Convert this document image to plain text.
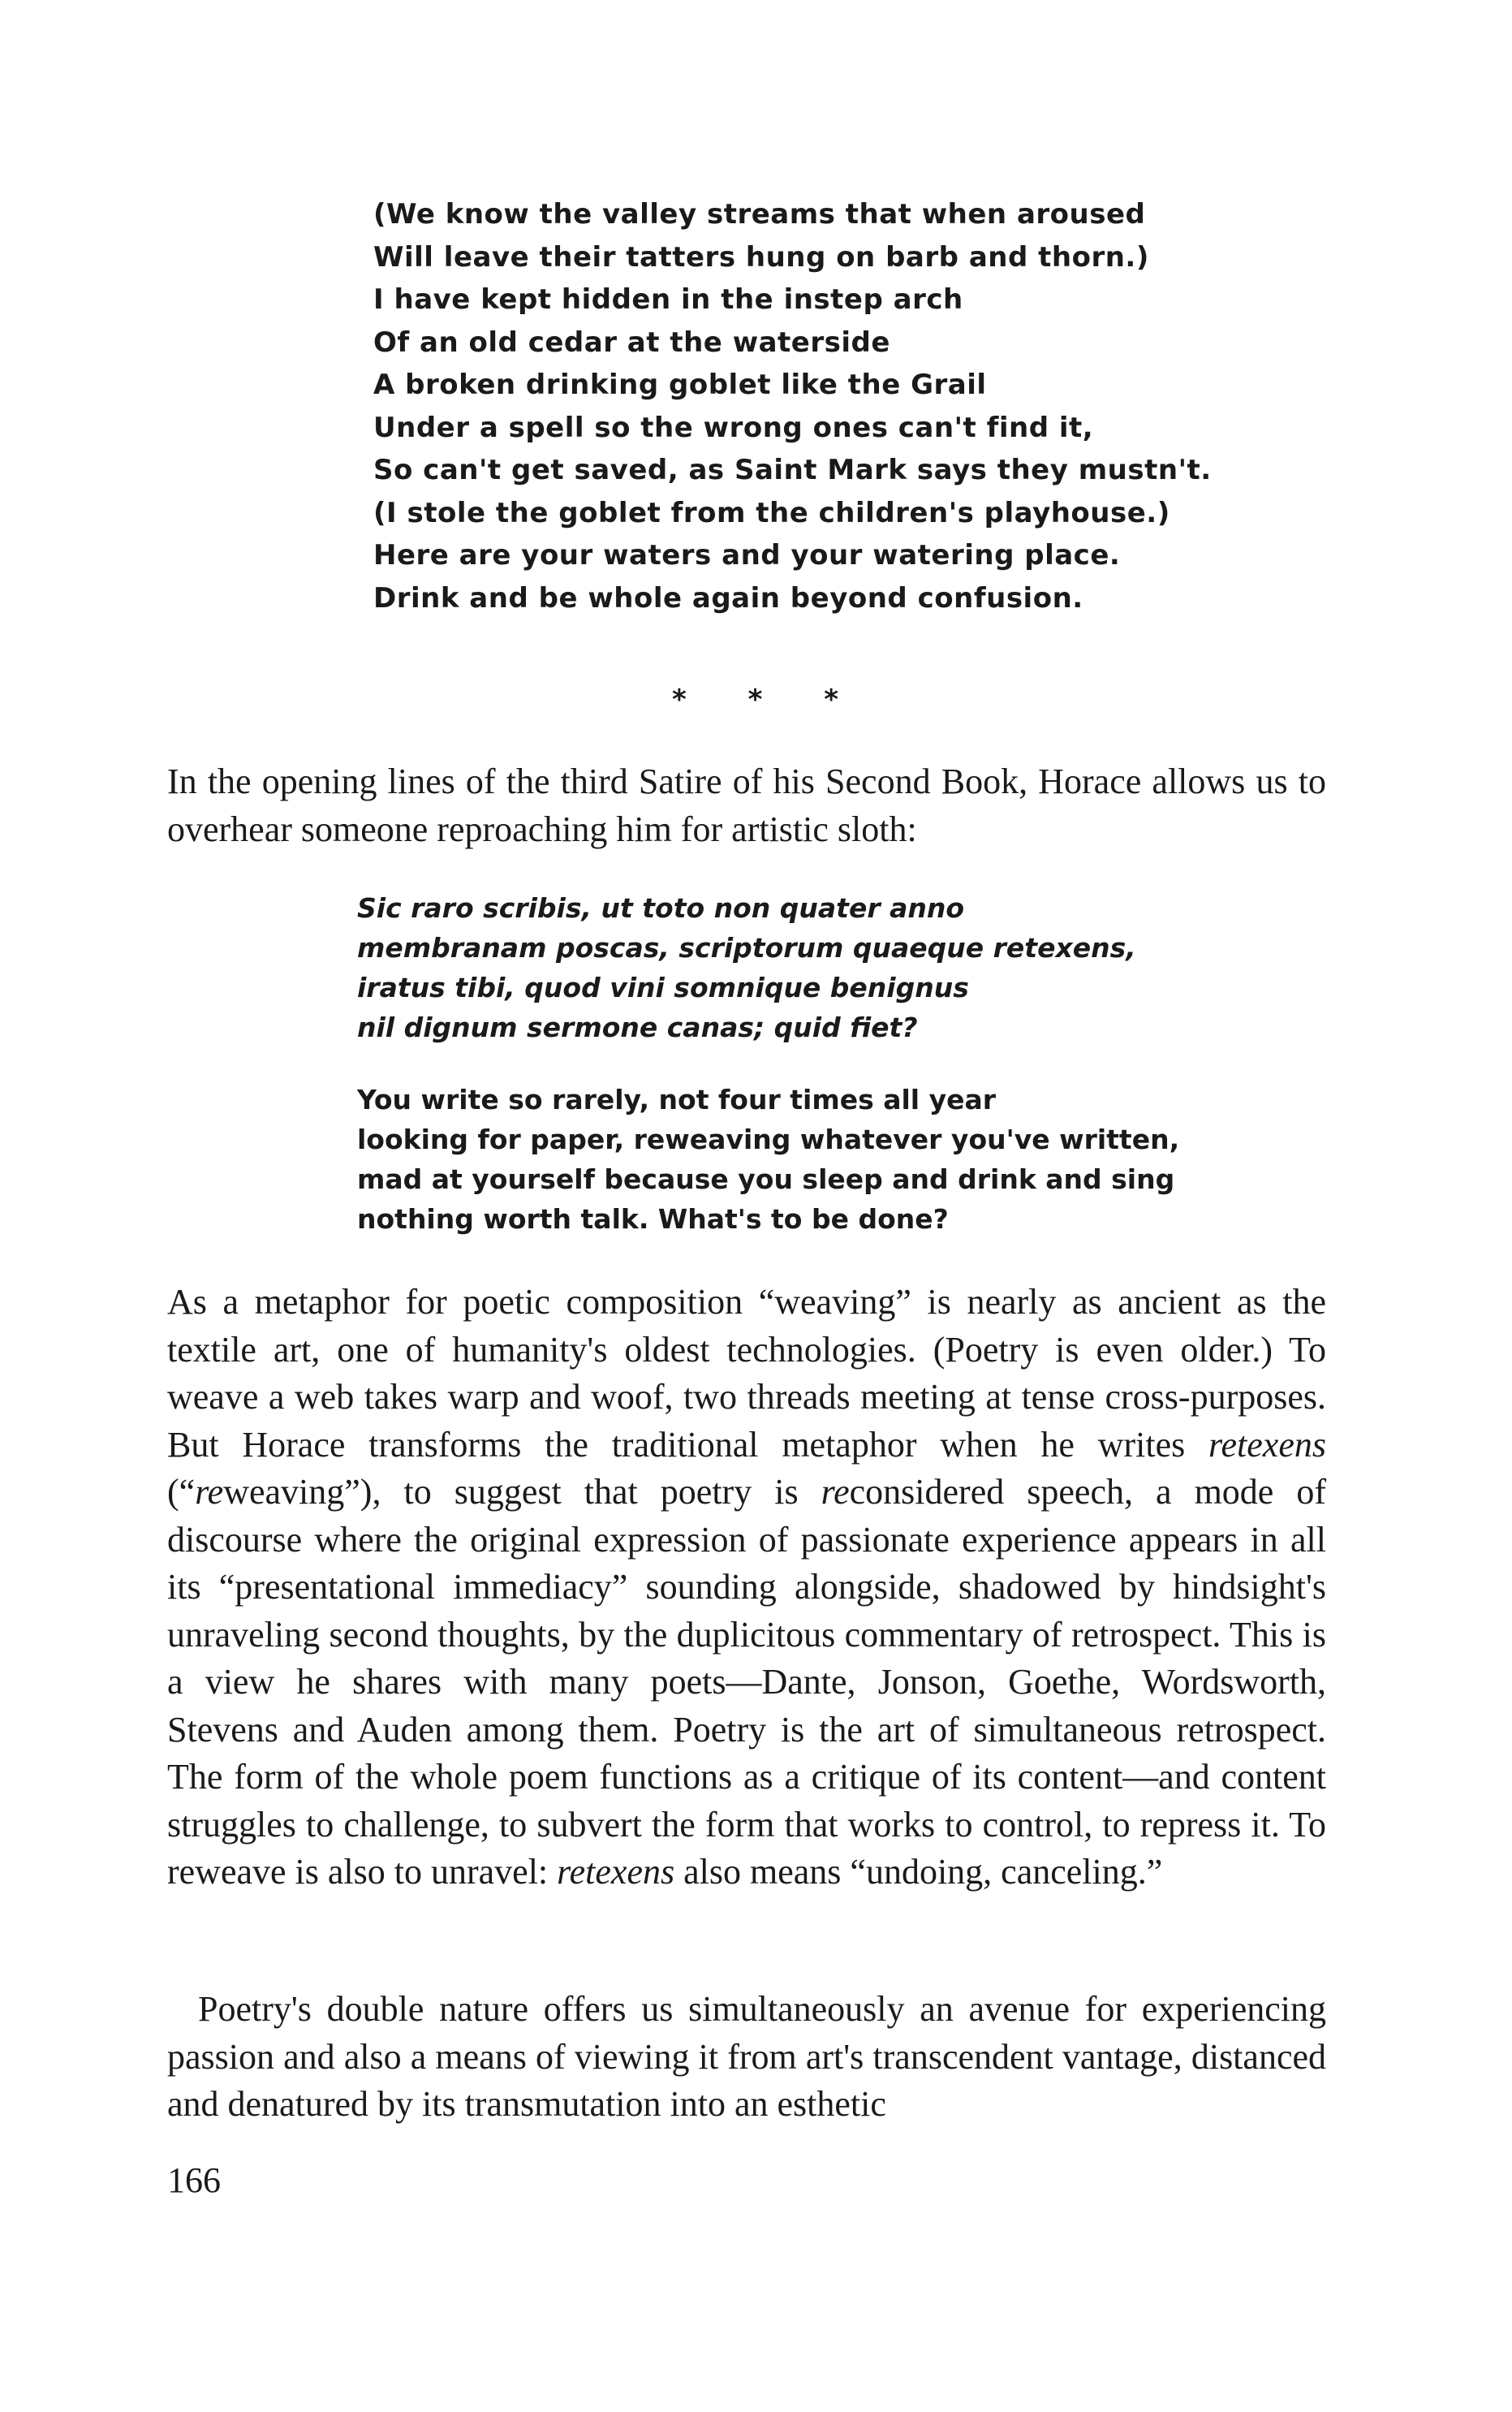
(We know the valley streams that when aroused
Will leave their tatters hung on barb and thorn.)
I have kept hidden in the instep arch
Of an old cedar at the waterside
A broken drinking goblet like the Grail
Under a spell so the wrong ones can't find it,
So can't get saved, as Saint Mark says they mustn't.
(I stole the goblet from the children's playhouse.)
Here are your waters and your watering place.
Drink and be whole again beyond confusion.
* * *

In the opening lines of the third Satire of his Second Book, Horace allows us to overhear someone reproaching him for artistic sloth:

Sic raro scribis, ut toto non quater anno
membranam poscas, scriptorum quaeque retexens,
iratus tibi, quod vini somnique benignus
nil dignum sermone canas; quid fiet?
You write so rarely, not four times all year
looking for paper, reweaving whatever you've written,
mad at yourself because you sleep and drink and sing
nothing worth talk. What's to be done?

As a metaphor for poetic composition “weaving” is nearly as ancient as the textile art, one of humanity's oldest technologies. (Poetry is even older.) To weave a web takes warp and woof, two threads meeting at tense cross-purposes. But Horace transforms the traditional metaphor when he writes retexens (“reweaving”), to suggest that poetry is reconsidered speech, a mode of discourse where the original expression of passionate experience appears in all its “presentational immediacy” sounding alongside, shadowed by hindsight's unraveling second thoughts, by the duplicitous commentary of retrospect. This is a view he shares with many poets—Dante, Jonson, Goethe, Wordsworth, Stevens and Auden among them. Poetry is the art of simultaneous retrospect. The form of the whole poem functions as a critique of its content—and content struggles to challenge, to subvert the form that works to control, to repress it. To reweave is also to unravel: retexens also means “undoing, canceling.”

Poetry's double nature offers us simultaneously an avenue for experiencing passion and also a means of viewing it from art's transcendent vantage, distanced and denatured by its transmutation into an esthetic

166
